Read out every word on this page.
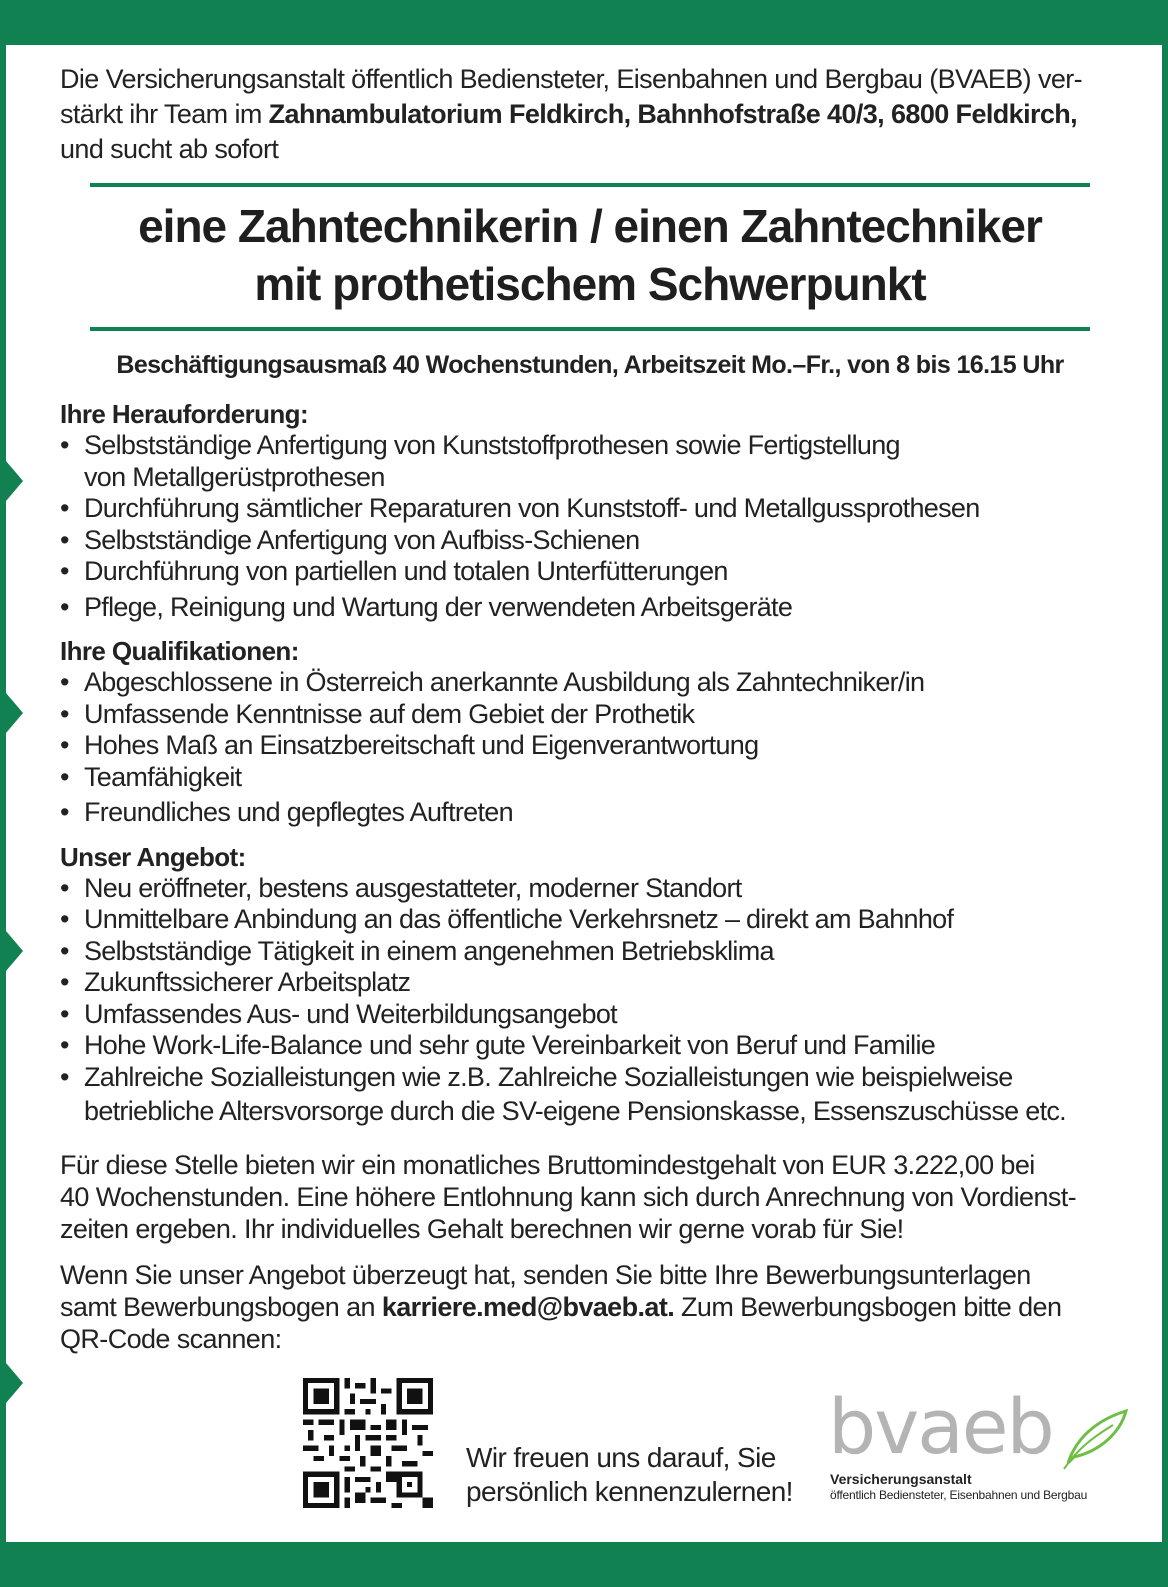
Die Versicherungsanstalt öffentlich Bediensteter, Eisenbahnen und Bergbau (BVAEB) ver-
stärkt ihr Team im Zahnambulatorium Feldkirch, Bahnhofstraße 40/3, 6800 Feldkirch,
und sucht ab sofort
eine Zahntechnikerin / einen Zahntechniker
mit prothetischem Schwerpunkt
Beschäftigungsausmaß 40 Wochenstunden, Arbeitszeit Mo.–Fr., von 8 bis 16.15 Uhr
Ihre Herauforderung:
• Selbstständige Anfertigung von Kunststoffprothesen sowie Fertigstellung
von Metallgerüstprothesen
• Durchführung sämtlicher Reparaturen von Kunststoff- und Metallgussprothesen
• Selbstständige Anfertigung von Aufbiss-Schienen
• Durchführung von partiellen und totalen Unterfütterungen
• Pflege, Reinigung und Wartung der verwendeten Arbeitsgeräte
Ihre Qualifikationen:
• Abgeschlossene in Österreich anerkannte Ausbildung als Zahntechniker/in
• Umfassende Kenntnisse auf dem Gebiet der Prothetik
• Hohes Maß an Einsatzbereitschaft und Eigenverantwortung
• Teamfähigkeit
• Freundliches und gepflegtes Auftreten
Unser Angebot:
• Neu eröffneter, bestens ausgestatteter, moderner Standort
• Unmittelbare Anbindung an das öffentliche Verkehrsnetz – direkt am Bahnhof
• Selbstständige Tätigkeit in einem angenehmen Betriebsklima
• Zukunftssicherer Arbeitsplatz
• Umfassendes Aus- und Weiterbildungsangebot
• Hohe Work-Life-Balance und sehr gute Vereinbarkeit von Beruf und Familie
• Zahlreiche Sozialleistungen wie z.B. Zahlreiche Sozialleistungen wie beispielweise
betriebliche Altersvorsorge durch die SV-eigene Pensionskasse, Essenszuschüsse etc.

Für diese Stelle bieten wir ein monatliches Bruttomindestgehalt von EUR 3.222,00 bei
40 Wochenstunden. Eine höhere Entlohnung kann sich durch Anrechnung von Vordienst-
zeiten ergeben. Ihr individuelles Gehalt berechnen wir gerne vorab für Sie!

Wenn Sie unser Angebot überzeugt hat, senden Sie bitte Ihre Bewerbungsunterlagen
samt Bewerbungsbogen an karriere.med@bvaeb.at. Zum Bewerbungsbogen bitte den
QR-Code scannen:

Wir freuen uns darauf, Sie
persönlich kennenzulernen!
bvaeb
Versicherungsanstalt
öffentlich Bediensteter, Eisenbahnen und Bergbau
